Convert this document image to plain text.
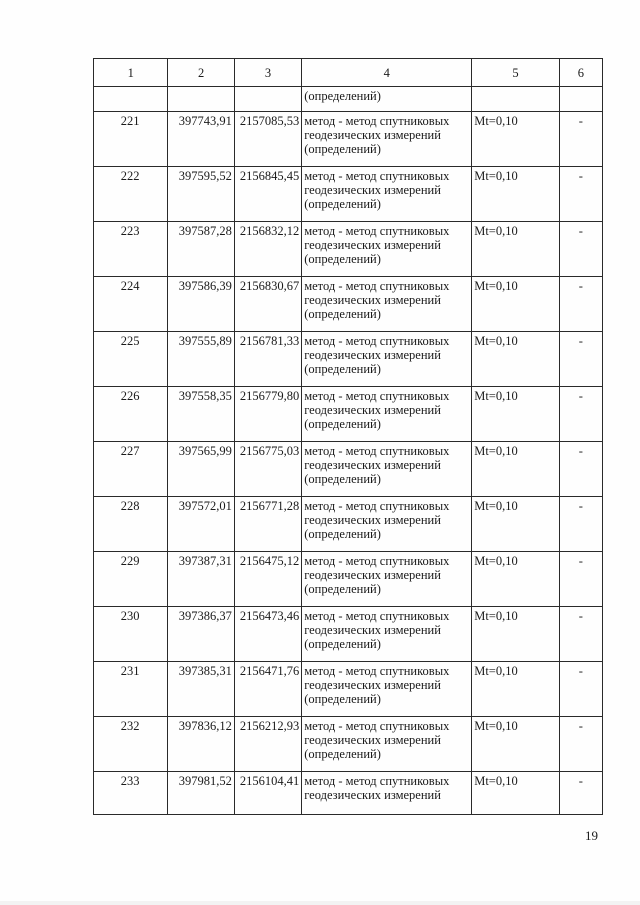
1	2	3	4	5	6
			(определений)		
221	397743,91	2157085,53	метод - метод спутниковых геодезических измерений (определений)	Mt=0,10	-
222	397595,52	2156845,45	метод - метод спутниковых геодезических измерений (определений)	Mt=0,10	-
223	397587,28	2156832,12	метод - метод спутниковых геодезических измерений (определений)	Mt=0,10	-
224	397586,39	2156830,67	метод - метод спутниковых геодезических измерений (определений)	Mt=0,10	-
225	397555,89	2156781,33	метод - метод спутниковых геодезических измерений (определений)	Mt=0,10	-
226	397558,35	2156779,80	метод - метод спутниковых геодезических измерений (определений)	Mt=0,10	-
227	397565,99	2156775,03	метод - метод спутниковых геодезических измерений (определений)	Mt=0,10	-
228	397572,01	2156771,28	метод - метод спутниковых геодезических измерений (определений)	Mt=0,10	-
229	397387,31	2156475,12	метод - метод спутниковых геодезических измерений (определений)	Mt=0,10	-
230	397386,37	2156473,46	метод - метод спутниковых геодезических измерений (определений)	Mt=0,10	-
231	397385,31	2156471,76	метод - метод спутниковых геодезических измерений (определений)	Mt=0,10	-
232	397836,12	2156212,93	метод - метод спутниковых геодезических измерений (определений)	Mt=0,10	-
233	397981,52	2156104,41	метод - метод спутниковых геодезических измерений	Mt=0,10	-
19
